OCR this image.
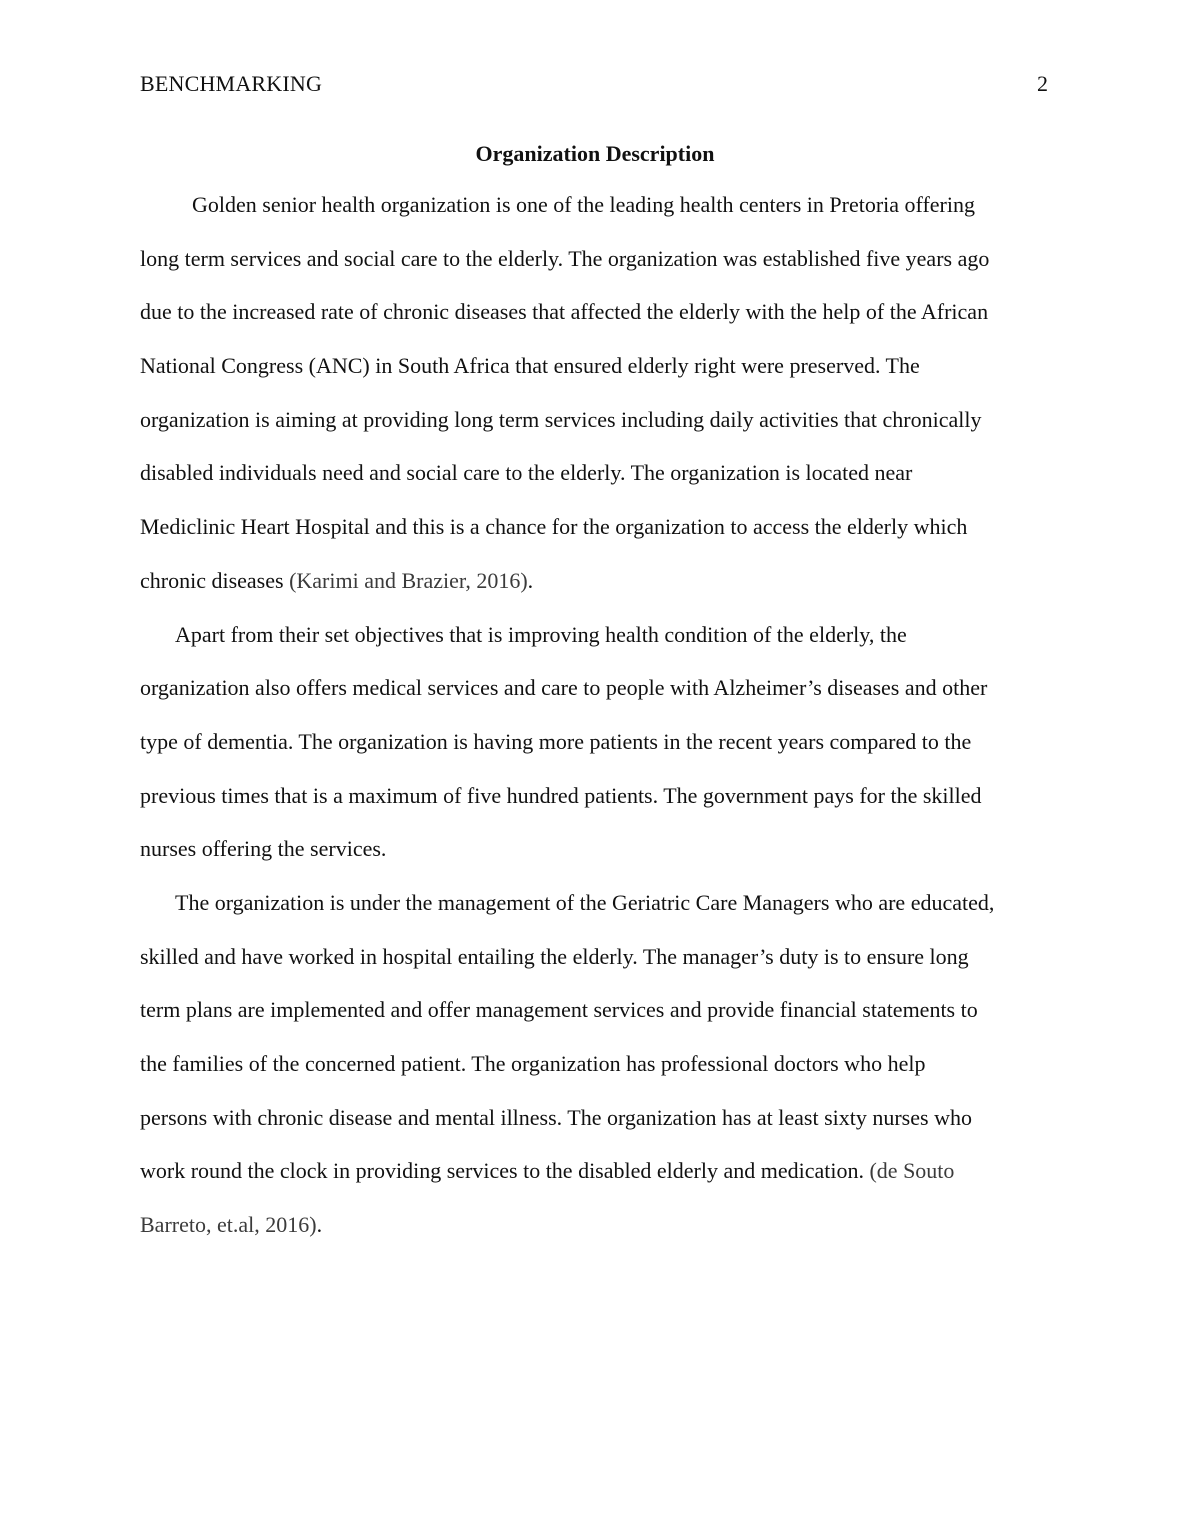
BENCHMARKING	2
Organization Description

Golden senior health organization is one of the leading health centers in Pretoria offering
long term services and social care to the elderly. The organization was established five years ago
due to the increased rate of chronic diseases that affected the elderly with the help of the African
National Congress (ANC) in South Africa that ensured elderly right were preserved. The
organization is aiming at providing long term services including daily activities that chronically
disabled individuals need and social care to the elderly. The organization is located near
Mediclinic Heart Hospital and this is a chance for the organization to access the elderly which
chronic diseases (Karimi and Brazier, 2016).

Apart from their set objectives that is improving health condition of the elderly, the
organization also offers medical services and care to people with Alzheimer’s diseases and other
type of dementia. The organization is having more patients in the recent years compared to the
previous times that is a maximum of five hundred patients. The government pays for the skilled
nurses offering the services.

The organization is under the management of the Geriatric Care Managers who are educated,
skilled and have worked in hospital entailing the elderly. The manager’s duty is to ensure long
term plans are implemented and offer management services and provide financial statements to
the families of the concerned patient. The organization has professional doctors who help
persons with chronic disease and mental illness. The organization has at least sixty nurses who
work round the clock in providing services to the disabled elderly and medication. (de Souto
Barreto, et.al, 2016).
